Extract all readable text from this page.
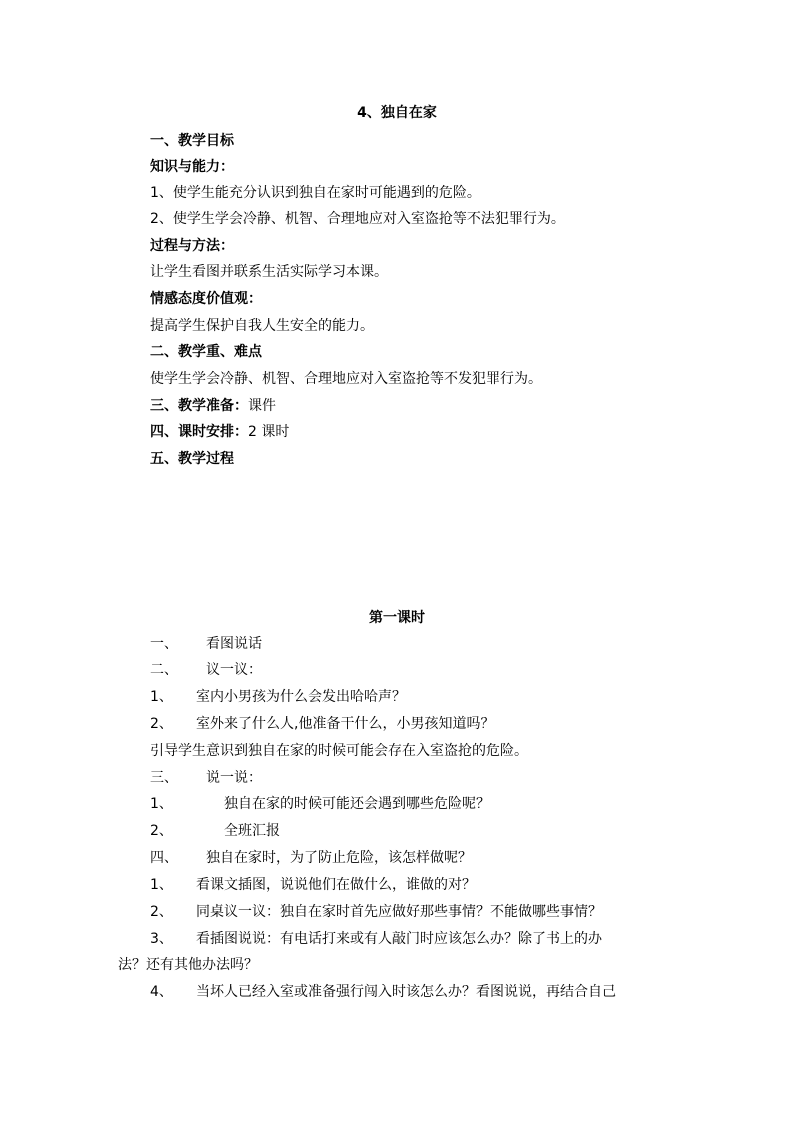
4、独自在家
一、教学目标
知识与能力：
1、使学生能充分认识到独自在家时可能遇到的危险。
2、使学生学会冷静、机智、合理地应对入室盗抢等不法犯罪行为。
过程与方法：
让学生看图并联系生活实际学习本课。
情感态度价值观：
提高学生保护自我人生安全的能力。
二、教学重、难点
使学生学会冷静、机智、合理地应对入室盗抢等不发犯罪行为。
三、教学准备：课件
四、课时安排：2 课时
五、教学过程
第一课时
一、 看图说话
二、 议一议：
1、 室内小男孩为什么会发出哈哈声？
2、 室外来了什么人,他准备干什么，小男孩知道吗？
引导学生意识到独自在家的时候可能会存在入室盗抢的危险。
三、 说一说：
1、	独自在家的时候可能还会遇到哪些危险呢？
2、	全班汇报
四、 独自在家时，为了防止危险，该怎样做呢？
1、 看课文插图，说说他们在做什么，谁做的对？
2、 同桌议一议：独自在家时首先应做好那些事情？不能做哪些事情？
3、 看插图说说：有电话打来或有人敲门时应该怎么办？除了书上的办
法？还有其他办法吗？
4、 当坏人已经入室或准备强行闯入时该怎么办？看图说说，再结合自己
